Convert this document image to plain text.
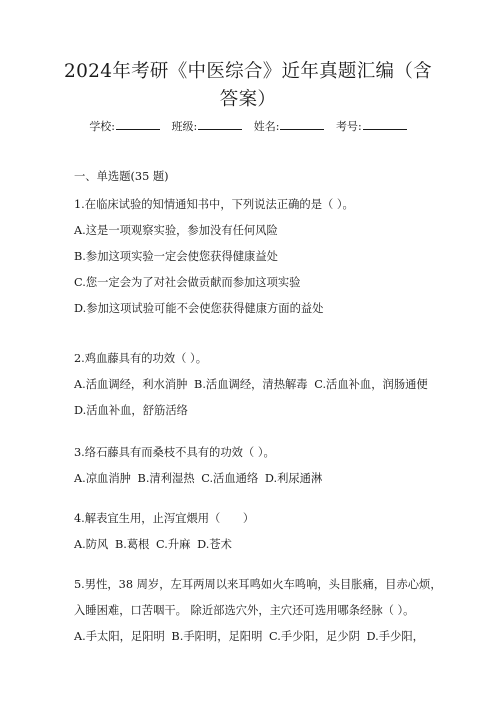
2024年考研《中医综合》近年真题汇编（含
答案）
学校:	班级:	姓名:	考号:
一、单选题(35 题)
1.在临床试验的知情通知书中，下列说法正确的是（ ）。
A.这是一项观察实验，参加没有任何风险
B.参加这项实验一定会使您获得健康益处
C.您一定会为了对社会做贡献而参加这项实验
D.参加这项试验可能不会使您获得健康方面的益处
2.鸡血藤具有的功效（ ）。
A.活血调经，利水消肿 B.活血调经，清热解毒 C.活血补血，润肠通便
D.活血补血，舒筋活络
3.络石藤具有而桑枝不具有的功效（ ）。
A.凉血消肿 B.清利湿热 C.活血通络 D.利尿通淋
4.解表宜生用，止泻宜煨用（　　）
A.防风 B.葛根 C.升麻 D.苍术
5.男性，38 周岁，左耳两周以来耳鸣如火车鸣响，头目胀痛，目赤心烦，
入睡困难，口苦咽干。 除近部选穴外，主穴还可选用哪条经脉（ ）。
A.手太阳，足阳明 B.手阳明，足阳明 C.手少阳，足少阴 D.手少阳，
